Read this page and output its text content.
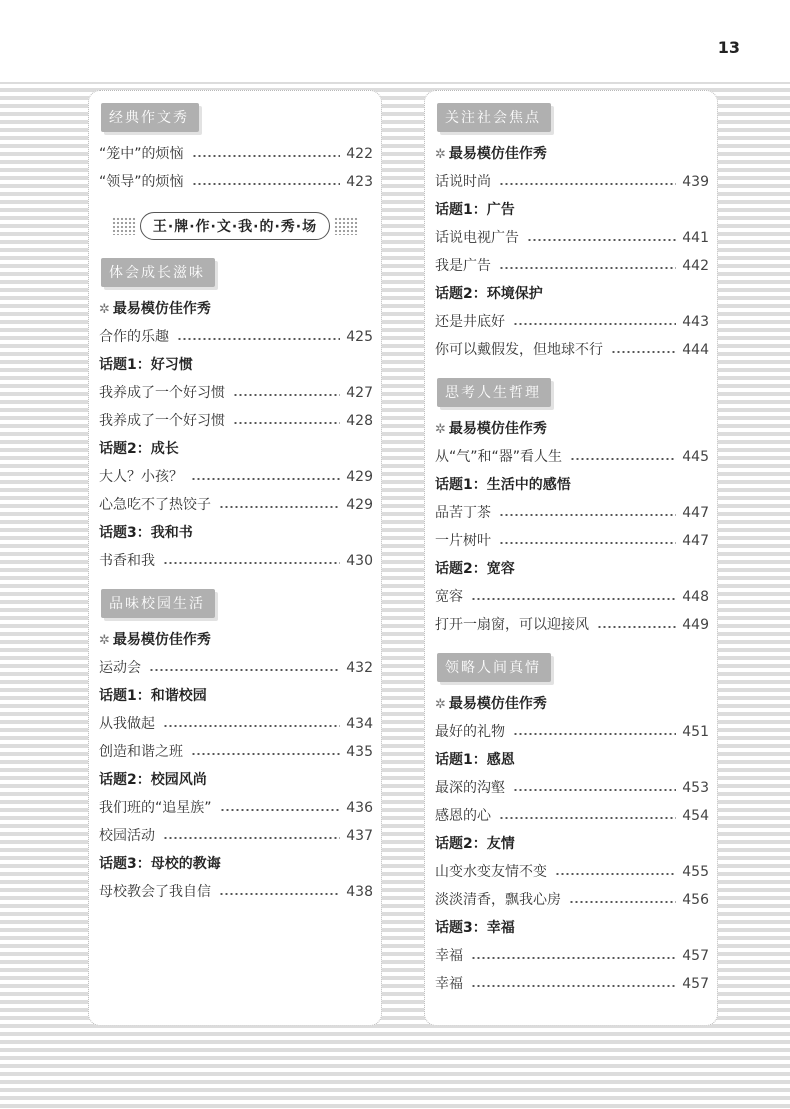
13
经典作文秀
“笼中”的烦恼	422
“领导”的烦恼	423
王·牌·作·文·我·的·秀·场
体会成长滋味
✲ 最易模仿佳作秀
合作的乐趣	425
话题1：好习惯
我养成了一个好习惯	427
我养成了一个好习惯	428
话题2：成长
大人？小孩？	429
心急吃不了热饺子	429
话题3：我和书
书香和我	430
品味校园生活
✲ 最易模仿佳作秀
运动会	432
话题1：和谐校园
从我做起	434
创造和谐之班	435
话题2：校园风尚
我们班的“追星族”	436
校园活动	437
话题3：母校的教诲
母校教会了我自信	438
关注社会焦点
✲ 最易模仿佳作秀
话说时尚	439
话题1：广告
话说电视广告	441
我是广告	442
话题2：环境保护
还是井底好	443
你可以戴假发，但地球不行	444
思考人生哲理
✲ 最易模仿佳作秀
从“气”和“器”看人生	445
话题1：生活中的感悟
品苦丁茶	447
一片树叶	447
话题2：宽容
宽容	448
打开一扇窗，可以迎接风	449
领略人间真情
✲ 最易模仿佳作秀
最好的礼物	451
话题1：感恩
最深的沟壑	453
感恩的心	454
话题2：友情
山变水变友情不变	455
淡淡清香，飘我心房	456
话题3：幸福
幸福	457
幸福	457
